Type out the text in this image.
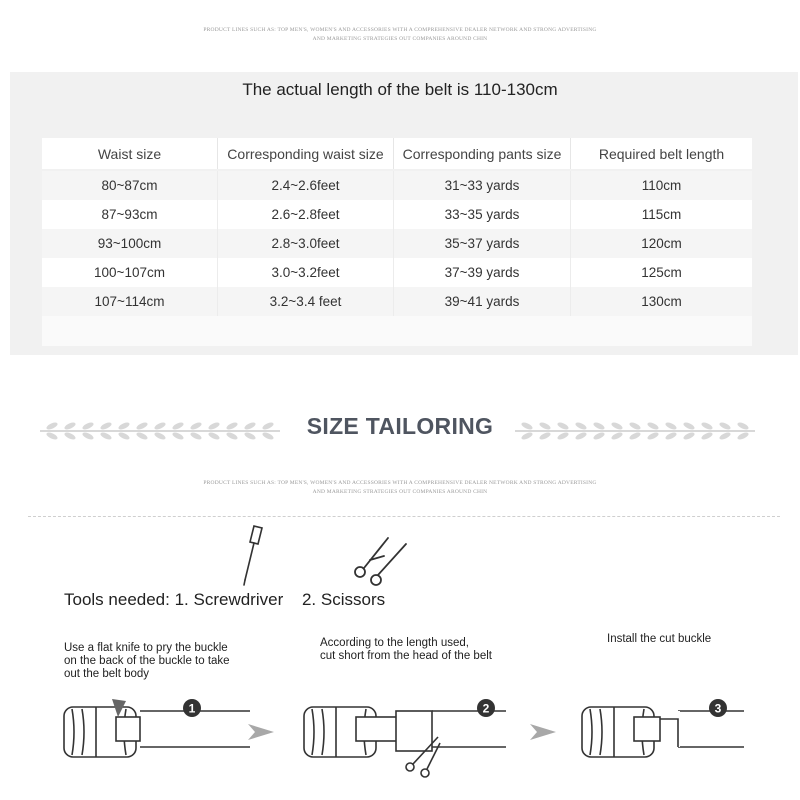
PRODUCT LINES SUCH AS: TOP MEN'S, WOMEN'S AND ACCESSORIES WITH A COMPREHENSIVE DEALER NETWORK AND STRONG ADVERTISING
AND MARKETING STRATEGIES OUT COMPANIES AROUND CHIN
The actual length of the belt is 110-130cm
Waist size	Corresponding waist size	Corresponding pants size	Required belt length
80~87cm	2.4~2.6feet	31~33 yards	110cm
87~93cm	2.6~2.8feet	33~35 yards	115cm
93~100cm	2.8~3.0feet	35~37 yards	120cm
100~107cm	3.0~3.2feet	37~39 yards	125cm
107~114cm	3.2~3.4 feet	39~41 yards	130cm
SIZE TAILORING
PRODUCT LINES SUCH AS: TOP MEN'S, WOMEN'S AND ACCESSORIES WITH A COMPREHENSIVE DEALER NETWORK AND STRONG ADVERTISING
AND MARKETING STRATEGIES OUT COMPANIES AROUND CHIN
Tools needed: 1. Screwdriver 2. Scissors
Use a flat knife to pry the buckle
on the back of the buckle to take
out the belt body
According to the length used,
cut short from the head of the belt
Install the cut buckle
1	2	3
